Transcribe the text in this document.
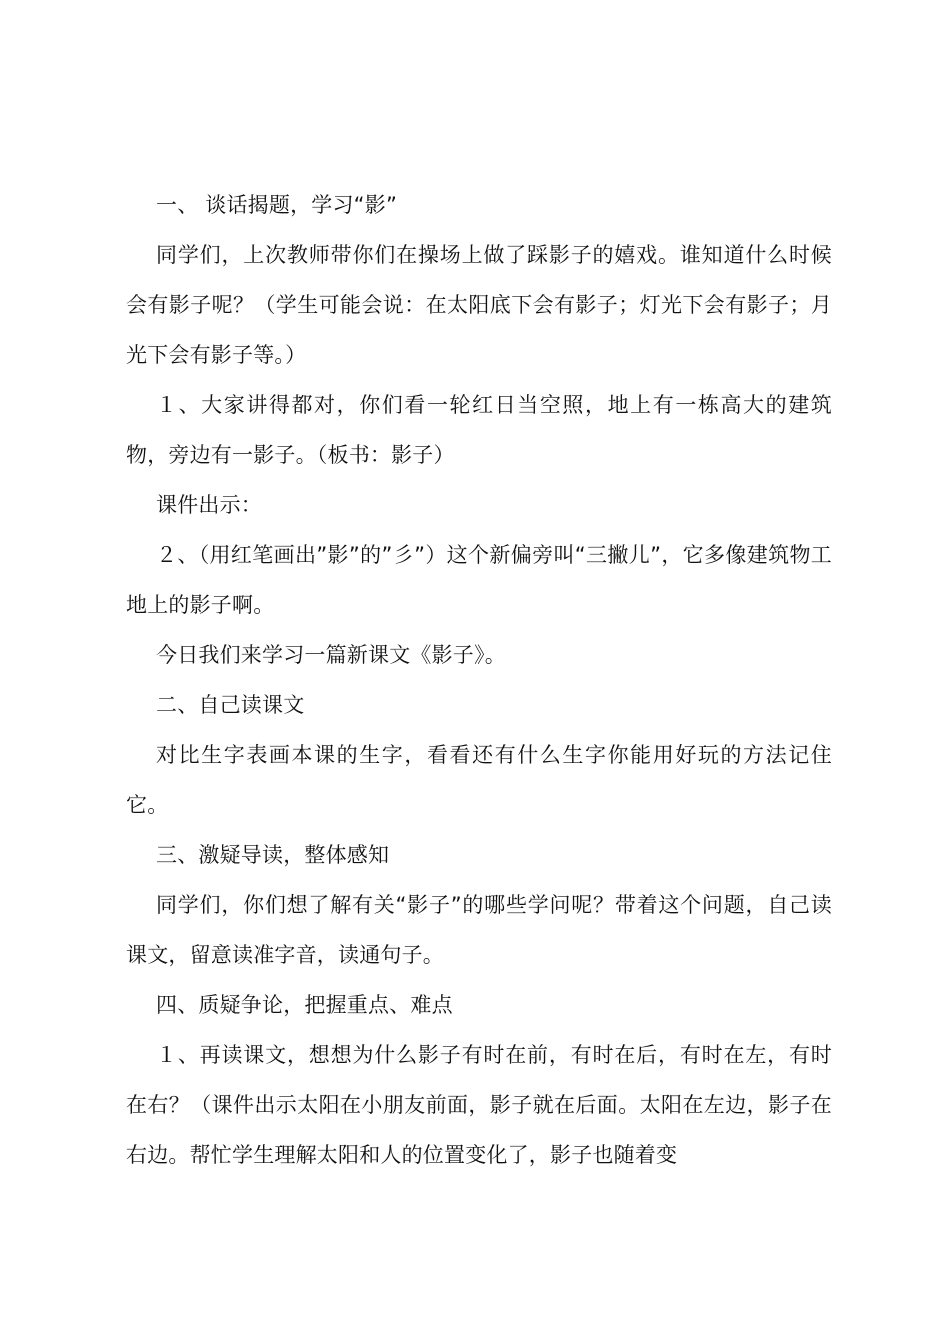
一、 谈话揭题，学习“影”

同学们，上次教师带你们在操场上做了踩影子的嬉戏。谁知道什么时候会有影子呢？（学生可能会说：在太阳底下会有影子；灯光下会有影子；月光下会有影子等。）

１、大家讲得都对，你们看一轮红日当空照，地上有一栋高大的建筑物，旁边有一影子。（板书：影子）

课件出示：

２、（用红笔画出”影”的”彡”）这个新偏旁叫“三撇儿”，它多像建筑物工地上的影子啊。

今日我们来学习一篇新课文《影子》。

二、自己读课文

对比生字表画本课的生字，看看还有什么生字你能用好玩的方法记住它。

三、激疑导读，整体感知

同学们，你们想了解有关“影子”的哪些学问呢？带着这个问题，自己读课文，留意读准字音，读通句子。

四、质疑争论，把握重点、难点

１、再读课文，想想为什么影子有时在前，有时在后，有时在左，有时在右？（课件出示太阳在小朋友前面，影子就在后面。太阳在左边，影子在右边。帮忙学生理解太阳和人的位置变化了，影子也随着变
